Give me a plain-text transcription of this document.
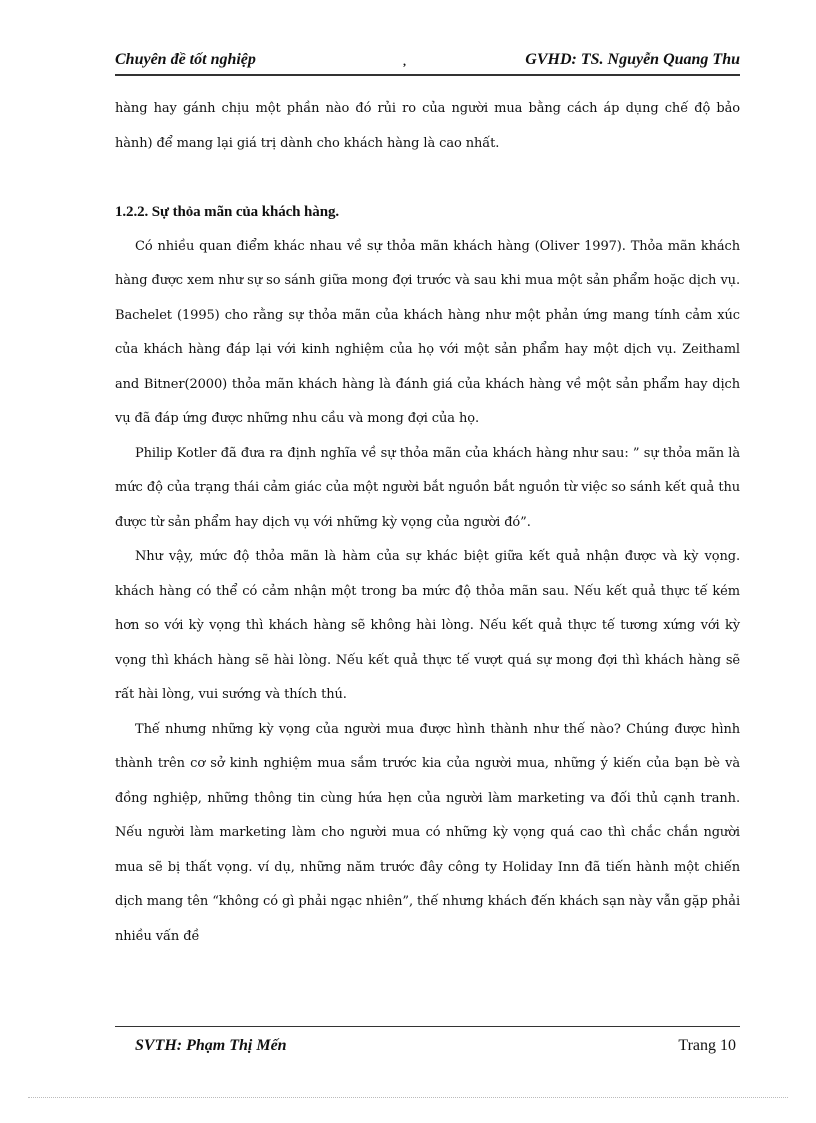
Chuyên đề tốt nghiệp	,	GVHD: TS. Nguyễn Quang Thu

hàng hay gánh chịu một phần nào đó rủi ro của người mua bằng cách áp dụng chế độ bảo hành) để mang lại giá trị dành cho khách hàng là cao nhất.

1.2.2. Sự thỏa mãn của khách hàng.

Có nhiều quan điểm khác nhau về sự thỏa mãn khách hàng (Oliver 1997). Thỏa mãn khách hàng được xem như sự so sánh giữa mong đợi trước và sau khi mua một sản phẩm hoặc dịch vụ. Bachelet (1995) cho rằng sự thỏa mãn của khách hàng như một phản ứng mang tính cảm xúc của khách hàng đáp lại với kinh nghiệm của họ với một sản phẩm hay một dịch vụ. Zeithaml and Bitner(2000) thỏa mãn khách hàng là đánh giá của khách hàng về một sản phẩm hay dịch vụ đã đáp ứng được những nhu cầu và mong đợi của họ.

Philip Kotler đã đưa ra định nghĩa về sự thỏa mãn của khách hàng như sau: ” sự thỏa mãn là mức độ của trạng thái cảm giác của một người bắt nguồn bắt nguồn từ việc so sánh kết quả thu được từ sản phẩm hay dịch vụ với những kỳ vọng của người đó”.

Như vậy, mức độ thỏa mãn là hàm của sự khác biệt giữa kết quả nhận được và kỳ vọng. khách hàng có thể có cảm nhận một trong ba mức độ thỏa mãn sau. Nếu kết quả thực tế kém hơn so với kỳ vọng thì khách hàng sẽ không hài lòng. Nếu kết quả thực tế tương xứng với kỳ vọng thì khách hàng sẽ hài lòng. Nếu kết quả thực tế vượt quá sự mong đợi thì khách hàng sẽ rất hài lòng, vui sướng và thích thú.

Thế nhưng những kỳ vọng của người mua được hình thành như thế nào? Chúng được hình thành trên cơ sở kinh nghiệm mua sắm trước kia của người mua, những ý kiến của bạn bè và đồng nghiệp, những thông tin cùng hứa hẹn của người làm marketing va đối thủ cạnh tranh. Nếu người làm marketing làm cho người mua có những kỳ vọng quá cao thì chắc chắn người mua sẽ bị thất vọng. ví dụ, những năm trước đây công ty Holiday Inn đã tiến hành một chiến dịch mang tên “không có gì phải ngạc nhiên”, thế nhưng khách đến khách sạn này vẫn gặp phải nhiều vấn đề

SVTH: Phạm Thị Mến	Trang 10
